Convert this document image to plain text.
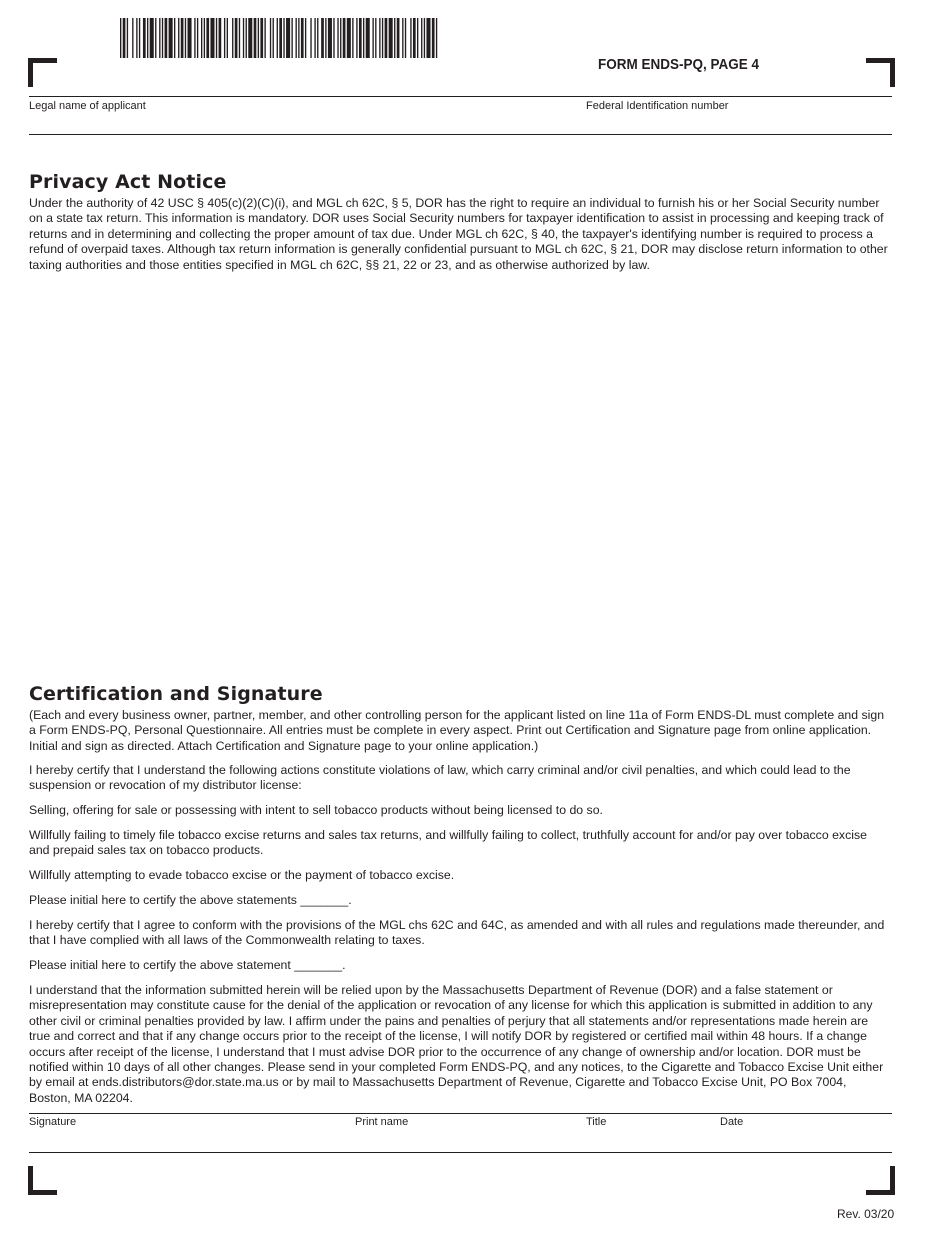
FORM ENDS-PQ, PAGE 4
Legal name of applicant	Federal Identification number
Privacy Act Notice

Under the authority of 42 USC § 405(c)(2)(C)(i), and MGL ch 62C, § 5, DOR has the right to require an individual to furnish his or her Social Security number on a state tax return. This information is mandatory. DOR uses Social Security numbers for taxpayer identification to assist in processing and keeping track of returns and in determining and collecting the proper amount of tax due. Under MGL ch 62C, § 40, the taxpayer's identifying number is required to process a refund of overpaid taxes. Although tax return information is generally confidential pursuant to MGL ch 62C, § 21, DOR may disclose return information to other taxing authorities and those entities specified in MGL ch 62C, §§ 21, 22 or 23, and as otherwise authorized by law.

Certification and Signature

(Each and every business owner, partner, member, and other controlling person for the applicant listed on line 11a of Form ENDS-DL must complete and sign a Form ENDS-PQ, Personal Questionnaire. All entries must be complete in every aspect. Print out Certification and Signature page from online application. Initial and sign as directed. Attach Certification and Signature page to your online application.)

I hereby certify that I understand the following actions constitute violations of law, which carry criminal and/or civil penalties, and which could lead to the suspension or revocation of my distributor license:

Selling, offering for sale or possessing with intent to sell tobacco products without being licensed to do so.

Willfully failing to timely file tobacco excise returns and sales tax returns, and willfully failing to collect, truthfully account for and/or pay over tobacco excise and prepaid sales tax on tobacco products.

Willfully attempting to evade tobacco excise or the payment of tobacco excise.

Please initial here to certify the above statements _______.

I hereby certify that I agree to conform with the provisions of the MGL chs 62C and 64C, as amended and with all rules and regulations made thereunder, and that I have complied with all laws of the Commonwealth relating to taxes.

Please initial here to certify the above statement _______.

I understand that the information submitted herein will be relied upon by the Massachusetts Department of Revenue (DOR) and a false statement or misrepresentation may constitute cause for the denial of the application or revocation of any license for which this application is submitted in addition to any other civil or criminal penalties provided by law. I affirm under the pains and penalties of perjury that all statements and/or representations made herein are true and correct and that if any change occurs prior to the receipt of the license, I will notify DOR by registered or certified mail within 48 hours. If a change occurs after receipt of the license, I understand that I must advise DOR prior to the occurrence of any change of ownership and/or location. DOR must be notified within 10 days of all other changes. Please send in your completed Form ENDS-PQ, and any notices, to the Cigarette and Tobacco Excise Unit either by email at ends.distributors@dor.state.ma.us or by mail to Massachusetts Department of Revenue, Cigarette and Tobacco Excise Unit, PO Box 7004, Boston, MA 02204.

Signature	Print name	Title	Date
Rev. 03/20
